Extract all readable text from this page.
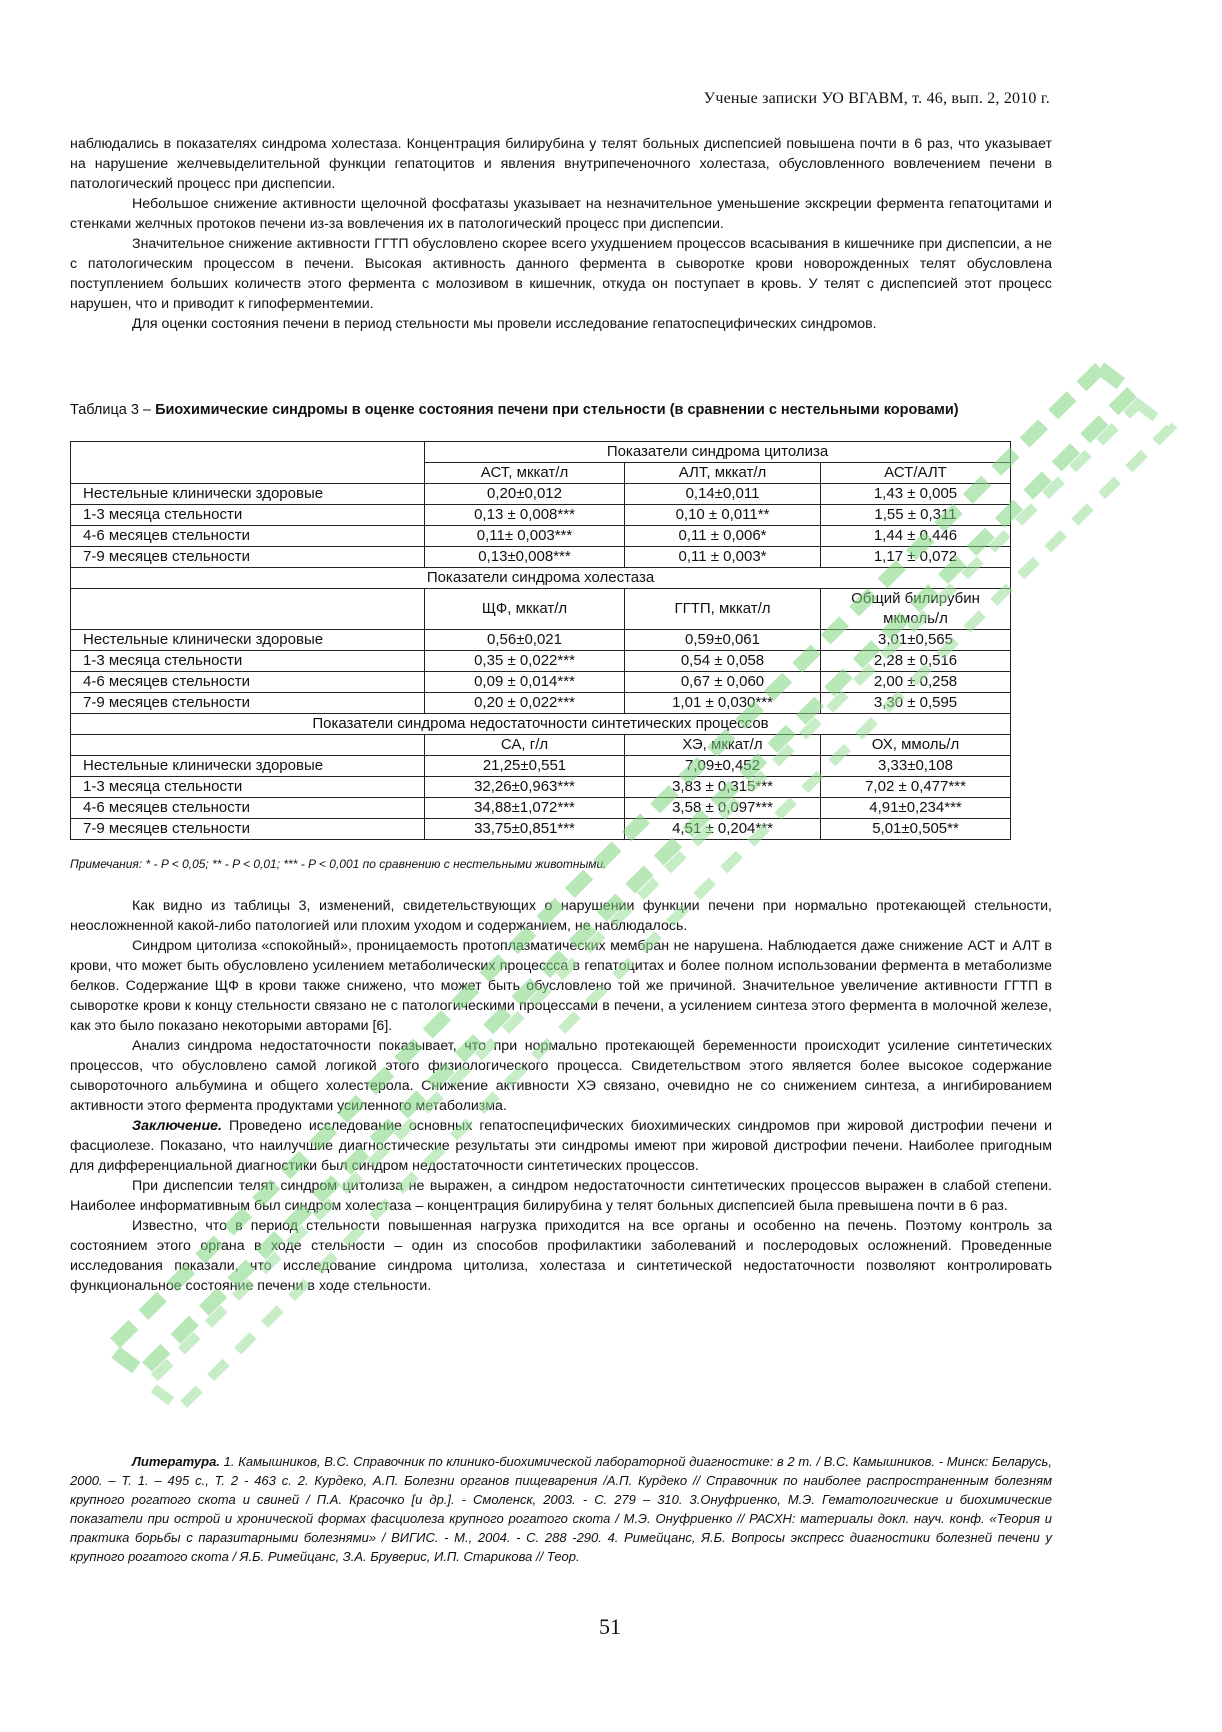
Ученые записки УО ВГАВМ, т. 46, вып. 2, 2010 г.

наблюдались в показателях синдрома холестаза. Концентрация билирубина у телят больных диспепсией повышена почти в 6 раз, что указывает на нарушение желчевыделительной функции гепатоцитов и явления внутрипеченочного холестаза, обусловленного вовлечением печени в патологический процесс при диспепсии.

Небольшое снижение активности щелочной фосфатазы указывает на незначительное уменьшение экскреции фермента гепатоцитами и стенками желчных протоков печени из-за вовлечения их в патологический процесс при диспепсии.

Значительное снижение активности ГГТП обусловлено скорее всего ухудшением процессов всасывания в кишечнике при диспепсии, а не с патологическим процессом в печени. Высокая активность данного фермента в сыворотке крови новорожденных телят обусловлена поступлением больших количеств этого фермента с молозивом в кишечник, откуда он поступает в кровь. У телят с диспепсией этот процесс нарушен, что и приводит к гипоферментемии.

Для оценки состояния печени в период стельности мы провели исследование гепатоспецифических синдромов.

Таблица 3 – Биохимические синдромы в оценке состояния печени при стельности (в сравнении с нестельными коровами)
	Показатели синдрома цитолиза		
	АСТ, мккат/л	АЛТ, мккат/л	АСТ/АЛТ
Нестельные клинически здоровые	0,20±0,012	0,14±0,011	1,43 ± 0,005
1-3 месяца стельности	0,13 ± 0,008***	0,10 ± 0,011**	1,55 ± 0,311
4-6 месяцев стельности	0,11± 0,003***	0,11 ± 0,006*	1,44 ± 0,446
7-9 месяцев стельности	0,13±0,008***	0,11 ± 0,003*	1,17 ± 0,072
Показатели синдрома холестаза			
	ЩФ, мккат/л	ГГТП, мккат/л	Общий билирубин мкмоль/л
Нестельные клинически здоровые	0,56±0,021	0,59±0,061	3,01±0,565
1-3 месяца стельности	0,35 ± 0,022***	0,54 ± 0,058	2,28 ± 0,516
4-6 месяцев стельности	0,09 ± 0,014***	0,67 ± 0,060	2,00 ± 0,258
7-9 месяцев стельности	0,20 ± 0,022***	1,01 ± 0,030***	3,30 ± 0,595
Показатели синдрома недостаточности синтетических процессов			
	СА, г/л	ХЭ, мккат/л	ОХ, ммоль/л
Нестельные клинически здоровые	21,25±0,551	7,09±0,452	3,33±0,108
1-3 месяца стельности	32,26±0,963***	3,83 ± 0,315***	7,02 ± 0,477***
4-6 месяцев стельности	34,88±1,072***	3,58 ± 0,097***	4,91±0,234***
7-9 месяцев стельности	33,75±0,851***	4,51 ± 0,204***	5,01±0,505**
Примечания: * - P < 0,05; ** - P < 0,01; *** - P < 0,001 по сравнению с нестельными животными.

Как видно из таблицы 3, изменений, свидетельствующих о нарушении функции печени при нормально протекающей стельности, неосложненной какой-либо патологией или плохим уходом и содержанием, не наблюдалось.

Синдром цитолиза «спокойный», проницаемость протоплазматических мембран не нарушена. Наблюдается даже снижение АСТ и АЛТ в крови, что может быть обусловлено усилением метаболических процессса в гепатоцитах и более полном использовании фермента в метаболизме белков. Содержание ЩФ в крови также снижено, что может быть обусловлено той же причиной. Значительное увеличение активности ГГТП в сыворотке крови к концу стельности связано не с патологическими процессами в печени, а усилением синтеза этого фермента в молочной железе, как это было показано некоторыми авторами [6].

Анализ синдрома недостаточности показывает, что при нормально протекающей беременности происходит усиление синтетических процессов, что обусловлено самой логикой этого физиологического процесса. Свидетельством этого является более высокое содержание сывороточного альбумина и общего холестерола. Снижение активности ХЭ связано, очевидно не со снижением синтеза, а ингибированием активности этого фермента продуктами усиленного метаболизма.

Заключение. Проведено исследование основных гепатоспецифических биохимических синдромов при жировой дистрофии печени и фасциолезе. Показано, что наилучшие диагностические результаты эти синдромы имеют при жировой дистрофии печени. Наиболее пригодным для дифференциальной диагностики был синдром недостаточности синтетических процессов.

При диспепсии телят синдром цитолиза не выражен, а синдром недостаточности синтетических процессов выражен в слабой степени. Наиболее информативным был синдром холестаза – концентрация билирубина у телят больных диспепсией была превышена почти в 6 раз.

Известно, что в период стельности повышенная нагрузка приходится на все органы и особенно на печень. Поэтому контроль за состоянием этого органа в ходе стельности – один из способов профилактики заболеваний и послеродовых осложнений. Проведенные исследования показали, что исследование синдрома цитолиза, холестаза и синтетической недостаточности позволяют контролировать функциональное состояние печени в ходе стельности.

Литература. 1. Камышников, В.С. Справочник по клинико-биохимической лабораторной диагностике: в 2 т. / В.С. Камышников. - Минск: Беларусь, 2000. – Т. 1. – 495 с., Т. 2 - 463 с. 2. Курдеко, А.П. Болезни органов пищеварения /А.П. Курдеко // Справочник по наиболее распространенным болезням крупного рогатого скота и свиней / П.А. Красочко [и др.]. - Смоленск, 2003. - С. 279 – 310. 3.Онуфриенко, М.Э. Гематологические и биохимические показатели при острой и хронической формах фасциолеза крупного рогатого скота / М.Э. Онуфриенко // РАСХН: материалы докл. науч. конф. «Теория и практика борьбы с паразитарными болезнями» / ВИГИС. - М., 2004. - С. 288 -290. 4. Римейцанс, Я.Б. Вопросы экспресс диагностики болезней печени у крупного рогатого скота / Я.Б. Римейцанс, З.А. Бруверис, И.П. Старикова // Теор.
51
